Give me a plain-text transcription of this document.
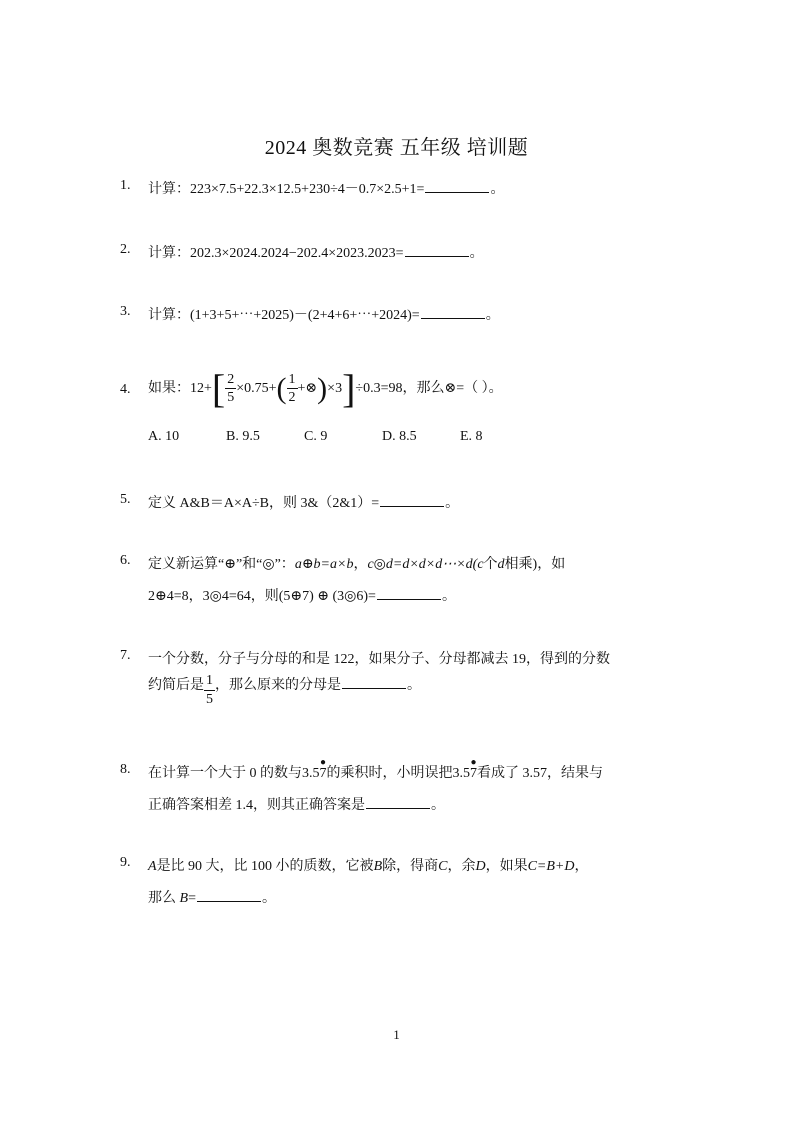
2024 奥数竞赛 五年级 培训题
1. 计算：223×7.5+22.3×12.5+230÷4－0.7×2.5+1=	。
2. 计算：202.3×2024.2024−202.4×2023.2023=	。
3. 计算：(1+3+5+⋯+2025)－(2+4+6+⋯+2024)=	。
4. 如果：$12+[ \frac{2}{5} \times 0.75+( \frac{1}{2}$ +⊗)×3]÷0.3=98，那么⊗=（ ）。
A. 10	B. 9.5	C. 9	D. 8.5	E. 8
5. 定义 A&B＝A×A÷B，则 3&（2&1）=	。
6. 定义新运算“⊕”和“◎”：a⊕b=a×b，c◎d=d×d×d⋯×d(c个d相乘)，如
2⊕4=8，3◎4=64，则(5⊕7) ⊕ (3◎6)=	。
7. 一个分数，分子与分母的和是 122，如果分子、分母都减去 19，得到的分数
约简后是 $\frac{1}{5}$ ，那么原来的分母是	。
8. 在计算一个大于 0 的数与3.57
●
的乘积时，小明误把3.57
●
看成了 3.57，结果与
正确答案相差 1.4，则其正确答案是	。
9. A是比 90 大，比 100 小的质数，它被B除，得商C，余D，如果C=B+D，
那么 B=	。
1
